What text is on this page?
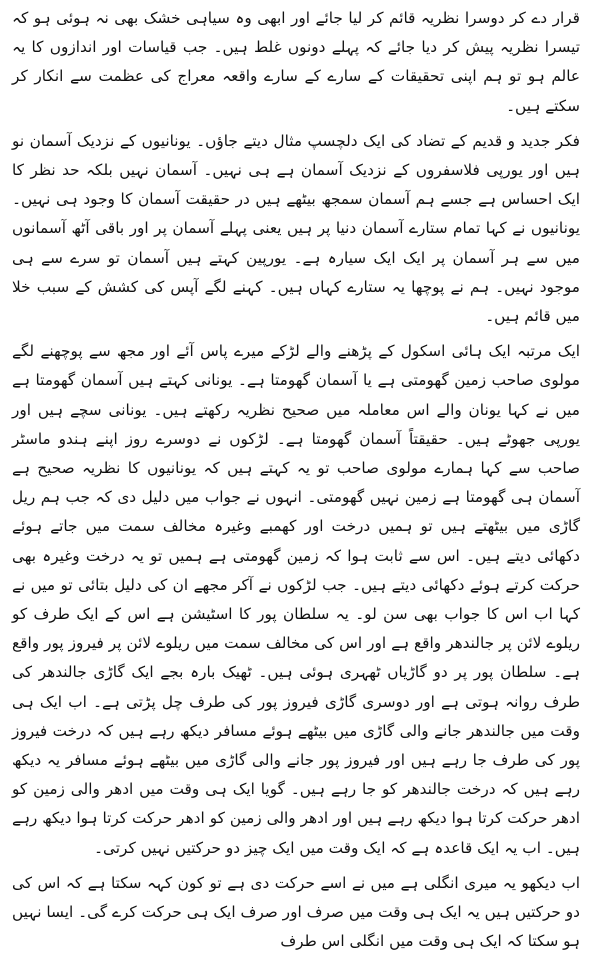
قرار دے کر دوسرا نظریہ قائم کر لیا جائے اور ابھی وہ سیاہی خشک بھی نہ ہوئی ہو کہ تیسرا نظریہ پیش کر دیا جائے کہ پہلے دونوں غلط ہیں۔ جب قیاسات اور اندازوں کا یہ عالم ہو تو ہم اپنی تحقیقات کے سارے کے سارے واقعہ معراج کی عظمت سے انکار کر سکتے ہیں۔

فکر جدید و قدیم کے تضاد کی ایک دلچسپ مثال دیتے جاؤں۔ یونانیوں کے نزدیک آسمان نو ہیں اور یورپی فلاسفروں کے نزدیک آسمان ہے ہی نہیں۔ آسمان نہیں بلکہ حد نظر کا ایک احساس ہے جسے ہم آسمان سمجھ بیٹھے ہیں در حقیقت آسمان کا وجود ہی نہیں۔ یونانیوں نے کہا تمام ستارے آسمان دنیا پر ہیں یعنی پہلے آسمان پر اور باقی آٹھ آسمانوں میں سے ہر آسمان پر ایک ایک سیارہ ہے۔ یورپین کہتے ہیں آسمان تو سرے سے ہی موجود نہیں۔ ہم نے پوچھا یہ ستارے کہاں ہیں۔ کہنے لگے آپس کی کشش کے سبب خلا میں قائم ہیں۔

ایک مرتبہ ایک ہائی اسکول کے پڑھنے والے لڑکے میرے پاس آئے اور مجھ سے پوچھنے لگے مولوی صاحب زمین گھومتی ہے یا آسمان گھومتا ہے۔ یونانی کہتے ہیں آسمان گھومتا ہے میں نے کہا یونان والے اس معاملہ میں صحیح نظریہ رکھتے ہیں۔ یونانی سچے ہیں اور یورپی جھوٹے ہیں۔ حقیقتاً آسمان گھومتا ہے۔ لڑکوں نے دوسرے روز اپنے ہندو ماسٹر صاحب سے کہا ہمارے مولوی صاحب تو یہ کہتے ہیں کہ یونانیوں کا نظریہ صحیح ہے آسمان ہی گھومتا ہے زمین نہیں گھومتی۔ انہوں نے جواب میں دلیل دی کہ جب ہم ریل گاڑی میں بیٹھتے ہیں تو ہمیں درخت اور کھمبے وغیرہ مخالف سمت میں جاتے ہوئے دکھائی دیتے ہیں۔ اس سے ثابت ہوا کہ زمین گھومتی ہے ہمیں تو یہ درخت وغیرہ بھی حرکت کرتے ہوئے دکھائی دیتے ہیں۔ جب لڑکوں نے آکر مجھے ان کی دلیل بتائی تو میں نے کہا اب اس کا جواب بھی سن لو۔ یہ سلطان پور کا اسٹیشن ہے اس کے ایک طرف کو ریلوے لائن پر جالندھر واقع ہے اور اس کی مخالف سمت میں ریلوے لائن پر فیروز پور واقع ہے۔ سلطان پور پر دو گاڑیاں ٹھہری ہوئی ہیں۔ ٹھیک بارہ بجے ایک گاڑی جالندھر کی طرف روانہ ہوتی ہے اور دوسری گاڑی فیروز پور کی طرف چل پڑتی ہے۔ اب ایک ہی وقت میں جالندھر جانے والی گاڑی میں بیٹھے ہوئے مسافر دیکھ رہے ہیں کہ درخت فیروز پور کی طرف جا رہے ہیں اور فیروز پور جانے والی گاڑی میں بیٹھے ہوئے مسافر یہ دیکھ رہے ہیں کہ درخت جالندھر کو جا رہے ہیں۔ گویا ایک ہی وقت میں ادھر والی زمین کو ادھر حرکت کرتا ہوا دیکھ رہے ہیں اور ادھر والی زمین کو ادھر حرکت کرتا ہوا دیکھ رہے ہیں۔ اب یہ ایک قاعدہ ہے کہ ایک وقت میں ایک چیز دو حرکتیں نہیں کرتی۔

اب دیکھو یہ میری انگلی ہے میں نے اسے حرکت دی ہے تو کون کہہ سکتا ہے کہ اس کی دو حرکتیں ہیں یہ ایک ہی وقت میں صرف اور صرف ایک ہی حرکت کرے گی۔ ایسا نہیں ہو سکتا کہ ایک ہی وقت میں انگلی اس طرف
